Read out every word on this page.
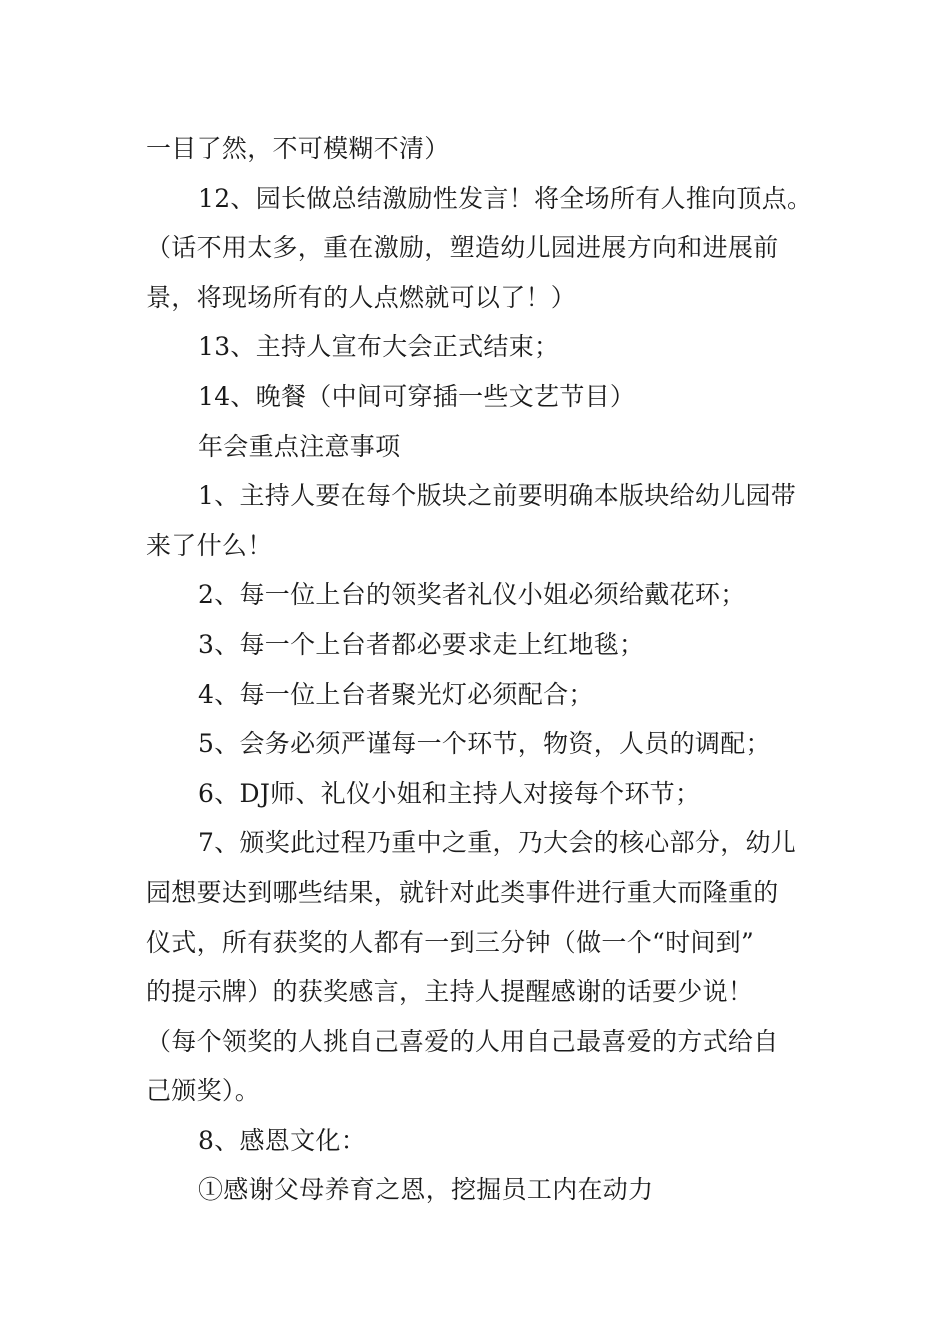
一目了然，不可模糊不清）
12、园长做总结激励性发言！将全场所有人推向顶点。
（话不用太多，重在激励，塑造幼儿园进展方向和进展前
景，将现场所有的人点燃就可以了！）
13、主持人宣布大会正式结束；
14、晚餐（中间可穿插一些文艺节目）
年会重点注意事项
1、主持人要在每个版块之前要明确本版块给幼儿园带
来了什么！
2、每一位上台的领奖者礼仪小姐必须给戴花环；
3、每一个上台者都必要求走上红地毯；
4、每一位上台者聚光灯必须配合；
5、会务必须严谨每一个环节，物资，人员的调配；
6、DJ师、礼仪小姐和主持人对接每个环节；
7、颁奖此过程乃重中之重，乃大会的核心部分，幼儿
园想要达到哪些结果，就针对此类事件进行重大而隆重的
仪式，所有获奖的人都有一到三分钟（做一个“时间到”
的提示牌）的获奖感言，主持人提醒感谢的话要少说！
（每个领奖的人挑自己喜爱的人用自己最喜爱的方式给自
己颁奖）。
8、感恩文化：
①感谢父母养育之恩，挖掘员工内在动力
